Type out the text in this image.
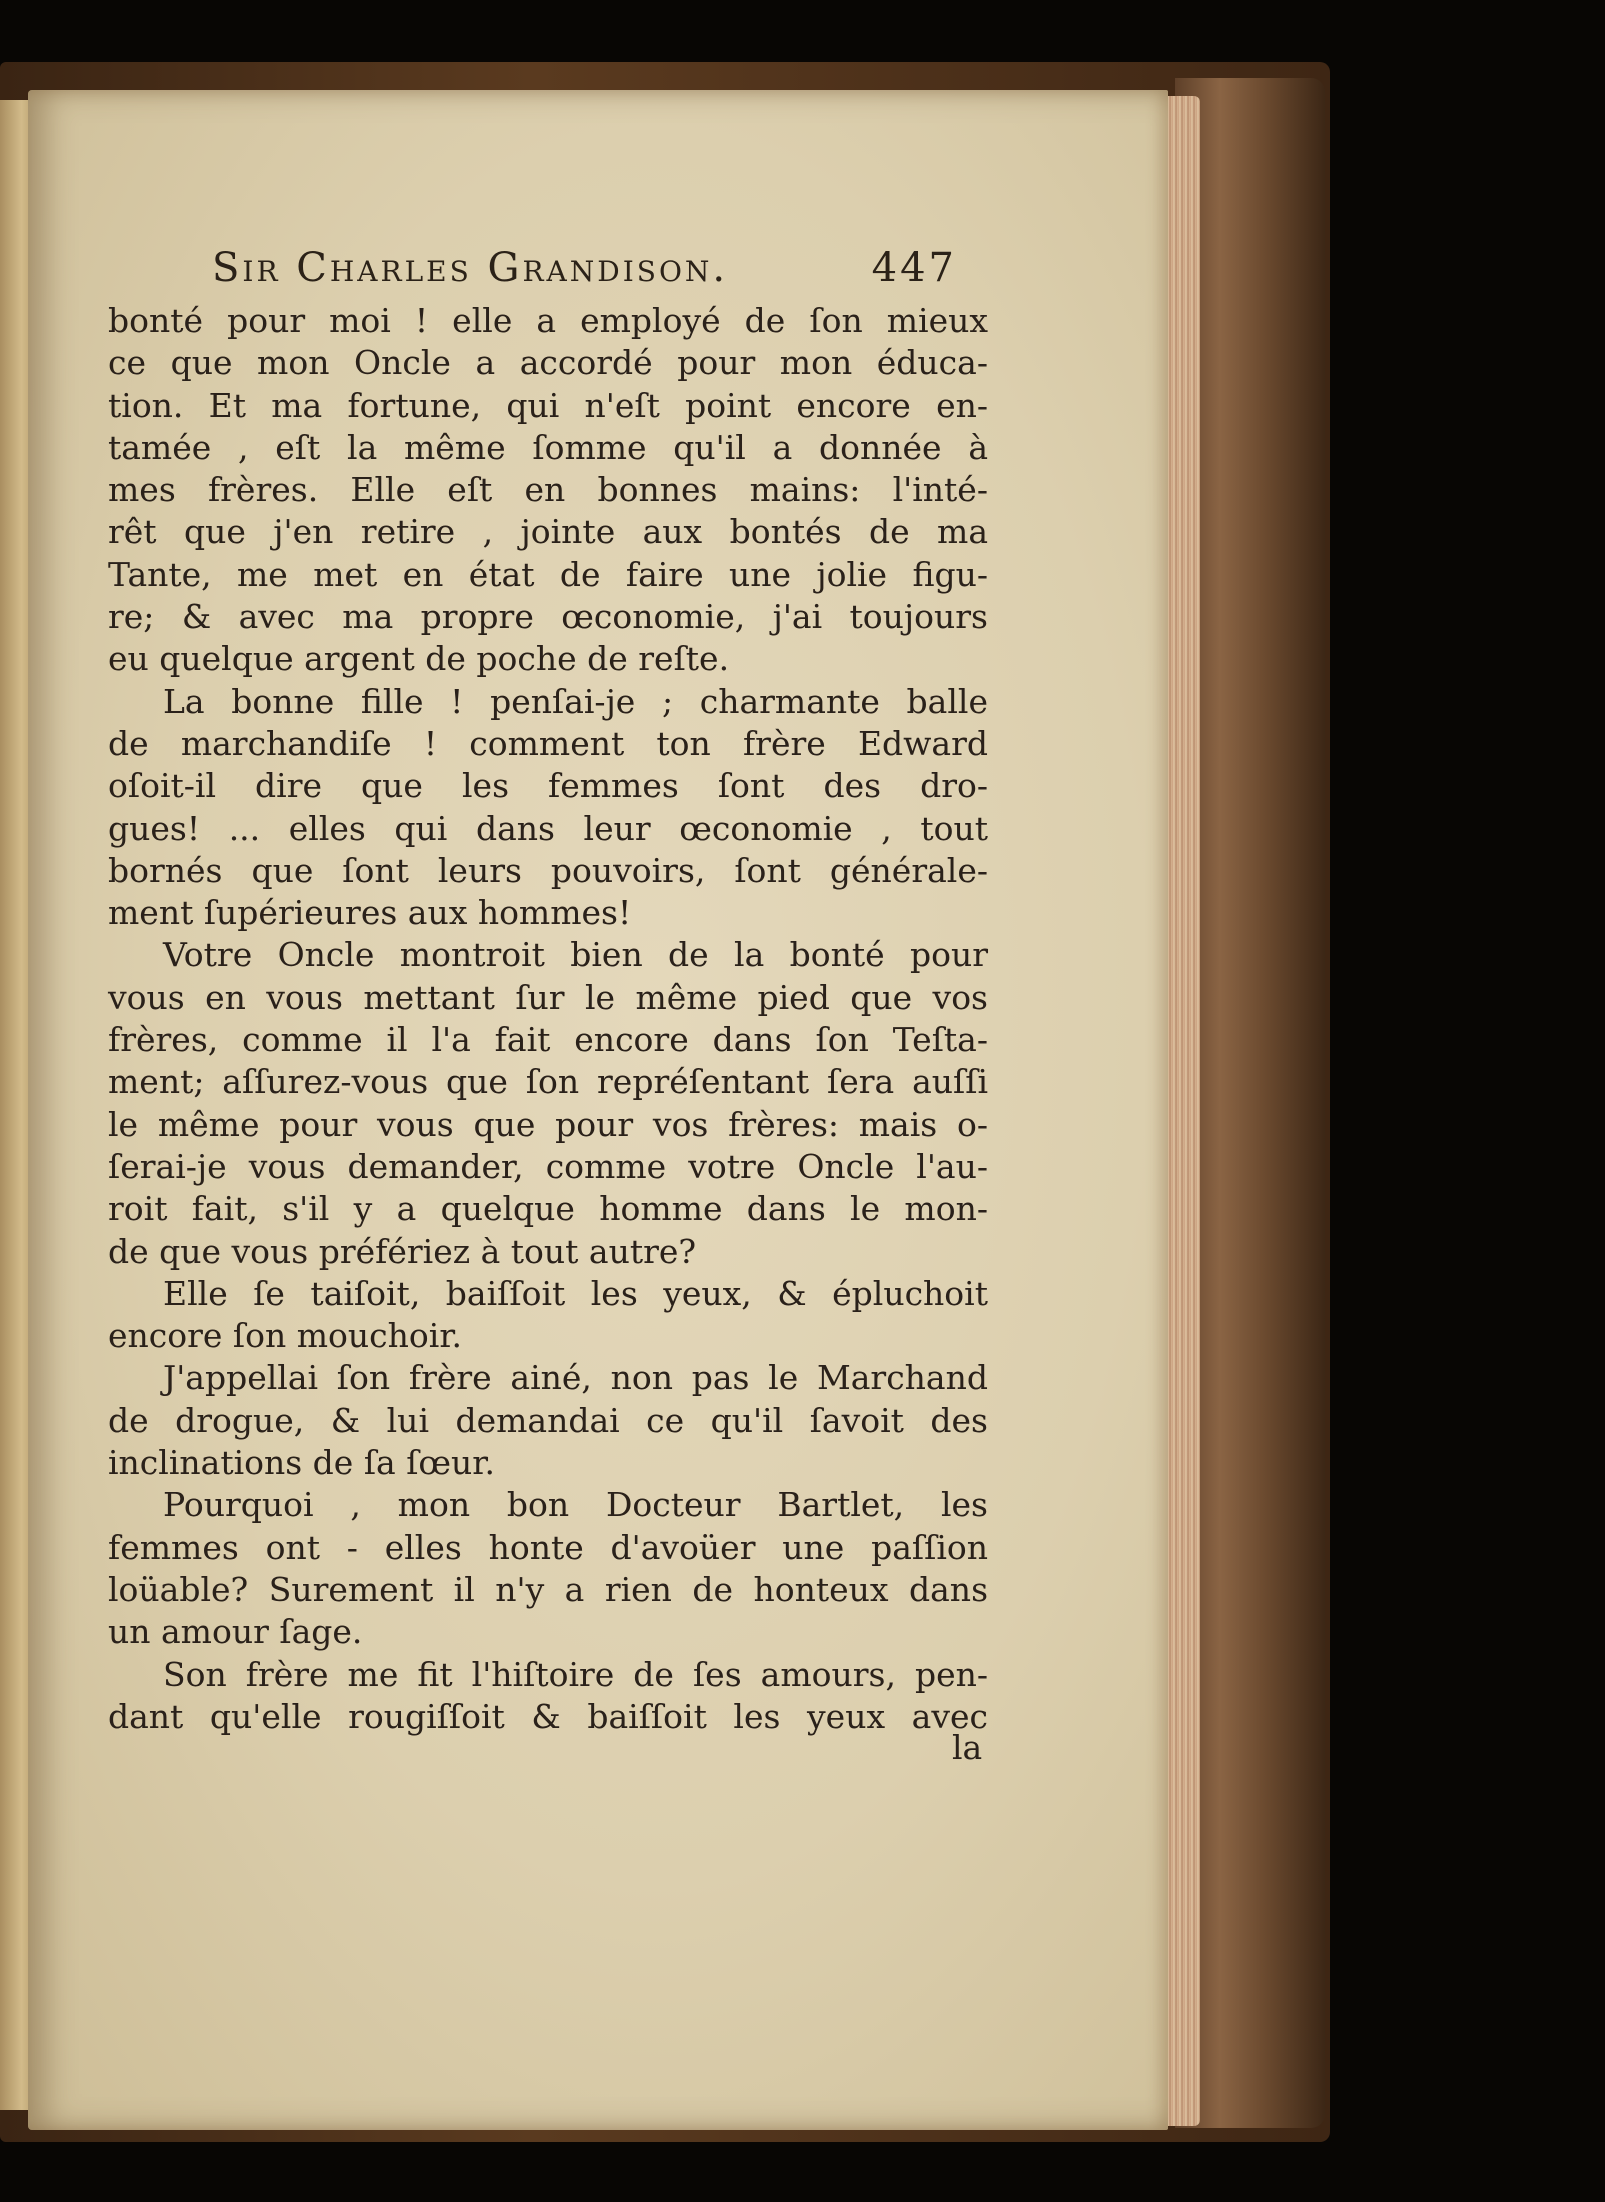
Sir Charles Grandison.	447
bonté pour moi ! elle a employé de ſon mieux
ce que mon Oncle a accordé pour mon éduca-
tion. Et ma fortune, qui n'eſt point encore en-
tamée , eſt la même ſomme qu'il a donnée à
mes frères. Elle eſt en bonnes mains: l'inté-
rêt que j'en retire , jointe aux bontés de ma
Tante, me met en état de faire une jolie figu-
re; & avec ma propre œconomie, j'ai toujours
eu quelque argent de poche de reſte.
La bonne fille ! penſai-je ; charmante balle
de marchandiſe ! comment ton frère Edward
oſoit-il dire que les femmes ſont des dro-
gues! ... elles qui dans leur œconomie , tout
bornés que ſont leurs pouvoirs, ſont générale-
ment ſupérieures aux hommes!
Votre Oncle montroit bien de la bonté pour
vous en vous mettant ſur le même pied que vos
frères, comme il l'a fait encore dans ſon Teſta-
ment; aſſurez-vous que ſon repréſentant ſera auſſi
le même pour vous que pour vos frères: mais o-
ſerai-je vous demander, comme votre Oncle l'au-
roit fait, s'il y a quelque homme dans le mon-
de que vous préfériez à tout autre?
Elle ſe taiſoit, baiſſoit les yeux, & épluchoit
encore ſon mouchoir.
J'appellai ſon frère ainé, non pas le Marchand
de drogue, & lui demandai ce qu'il ſavoit des
inclinations de ſa ſœur.
Pourquoi , mon bon Docteur Bartlet, les
femmes ont - elles honte d'avoüer une paſſion
loüable? Surement il n'y a rien de honteux dans
un amour ſage.
Son frère me fit l'hiſtoire de ſes amours, pen-
dant qu'elle rougiſſoit & baiſſoit les yeux avec
la
